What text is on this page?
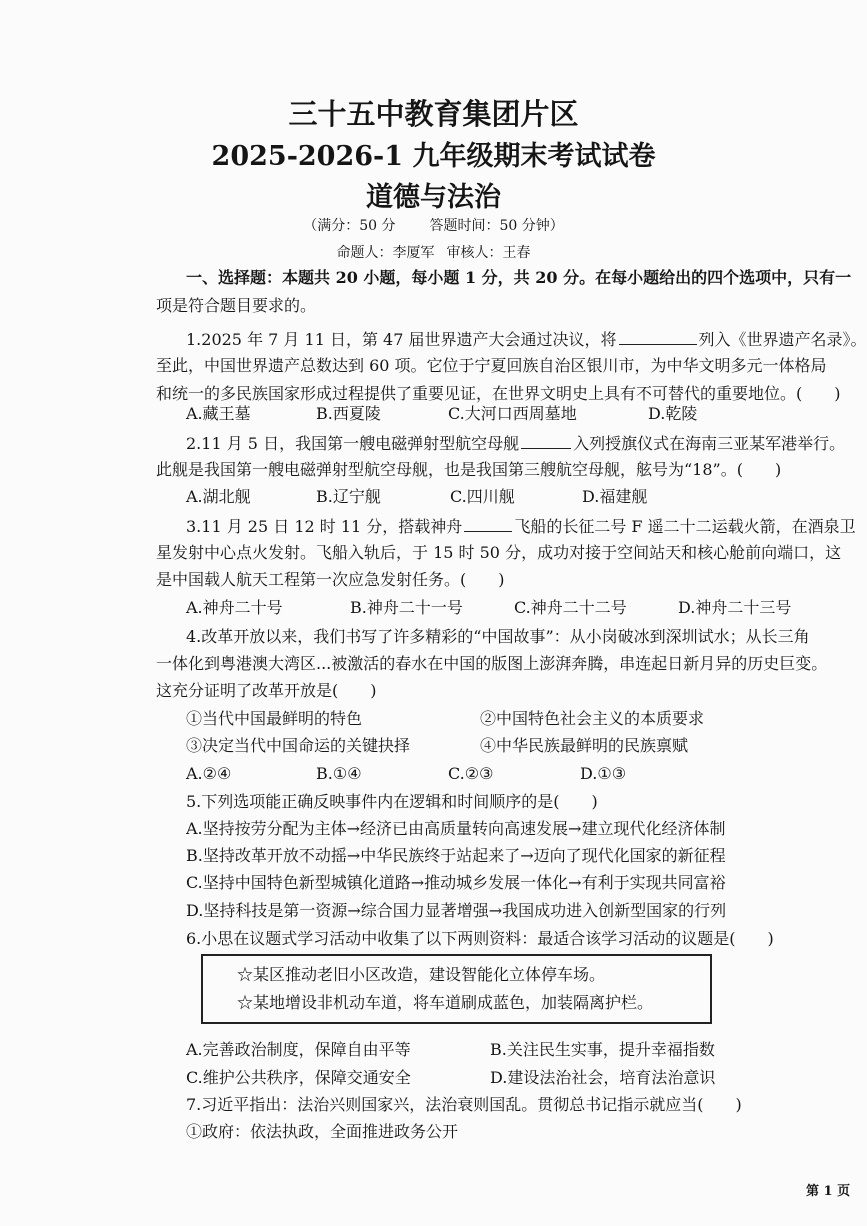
三十五中教育集团片区
2025-2026-1 九年级期末考试试卷
道德与法治
（满分：50 分 答题时间：50 分钟）
命题人：李厦军 审核人：王春
一、选择题：本题共 20 小题，每小题 1 分，共 20 分。在每小题给出的四个选项中，只有一
项是符合题目要求的。
1.2025 年 7 月 11 日，第 47 届世界遗产大会通过决议，将	列入《世界遗产名录》。
至此，中国世界遗产总数达到 60 项。它位于宁夏回族自治区银川市，为中华文明多元一体格局
和统一的多民族国家形成过程提供了重要见证，在世界文明史上具有不可替代的重要地位。(　　)
A.藏王墓	B.西夏陵	C.大河口西周墓地	D.乾陵
2.11 月 5 日，我国第一艘电磁弹射型航空母舰	入列授旗仪式在海南三亚某军港举行。
此舰是我国第一艘电磁弹射型航空母舰，也是我国第三艘航空母舰，舷号为“18”。(　　)
A.湖北舰	B.辽宁舰	C.四川舰	D.福建舰
3.11 月 25 日 12 时 11 分，搭载神舟	飞船的长征二号 F 遥二十二运载火箭，在酒泉卫
星发射中心点火发射。飞船入轨后，于 15 时 50 分，成功对接于空间站天和核心舱前向端口，这
是中国载人航天工程第一次应急发射任务。(　　)
A.神舟二十号	B.神舟二十一号	C.神舟二十二号	D.神舟二十三号
4.改革开放以来，我们书写了许多精彩的“中国故事”：从小岗破冰到深圳试水；从长三角
一体化到粤港澳大湾区...被激活的春水在中国的版图上澎湃奔腾，串连起日新月异的历史巨变。
这充分证明了改革开放是(　　)
①当代中国最鲜明的特色	②中国特色社会主义的本质要求
③决定当代中国命运的关键抉择	④中华民族最鲜明的民族禀赋
A.②④	B.①④	C.②③	D.①③
5.下列选项能正确反映事件内在逻辑和时间顺序的是(　　)
A.坚持按劳分配为主体→经济已由高质量转向高速发展→建立现代化经济体制
B.坚持改革开放不动摇→中华民族终于站起来了→迈向了现代化国家的新征程
C.坚持中国特色新型城镇化道路→推动城乡发展一体化→有利于实现共同富裕
D.坚持科技是第一资源→综合国力显著增强→我国成功进入创新型国家的行列
6.小思在议题式学习活动中收集了以下两则资料：最适合该学习活动的议题是(　　)
☆某区推动老旧小区改造，建设智能化立体停车场。
☆某地增设非机动车道，将车道刷成蓝色，加装隔离护栏。
A.完善政治制度，保障自由平等	B.关注民生实事，提升幸福指数
C.维护公共秩序，保障交通安全	D.建设法治社会，培育法治意识
7.习近平指出：法治兴则国家兴，法治衰则国乱。贯彻总书记指示就应当(　　)
①政府：依法执政，全面推进政务公开
第 1 页
